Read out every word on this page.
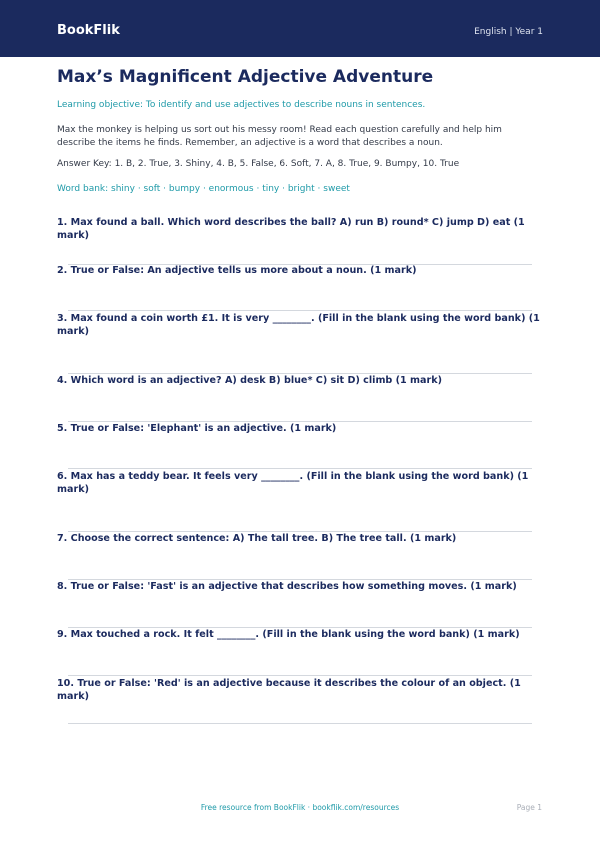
BookFlik	English | Year 1
Max’s Magnificent Adjective Adventure
Learning objective: To identify and use adjectives to describe nouns in sentences.
Max the monkey is helping us sort out his messy room! Read each question carefully and help him describe the items he finds. Remember, an adjective is a word that describes a noun.
Answer Key: 1. B, 2. True, 3. Shiny, 4. B, 5. False, 6. Soft, 7. A, 8. True, 9. Bumpy, 10. True
Word bank: shiny · soft · bumpy · enormous · tiny · bright · sweet
1. Max found a ball. Which word describes the ball? A) run B) round* C) jump D) eat (1 mark)
2. True or False: An adjective tells us more about a noun. (1 mark)
3. Max found a coin worth £1. It is very ________. (Fill in the blank using the word bank) (1 mark)
4. Which word is an adjective? A) desk B) blue* C) sit D) climb (1 mark)
5. True or False: 'Elephant' is an adjective. (1 mark)
6. Max has a teddy bear. It feels very ________. (Fill in the blank using the word bank) (1 mark)
7. Choose the correct sentence: A) The tall tree. B) The tree tall. (1 mark)
8. True or False: 'Fast' is an adjective that describes how something moves. (1 mark)
9. Max touched a rock. It felt ________. (Fill in the blank using the word bank) (1 mark)
10. True or False: 'Red' is an adjective because it describes the colour of an object. (1 mark)
Free resource from BookFlik · bookflik.com/resources	Page 1
